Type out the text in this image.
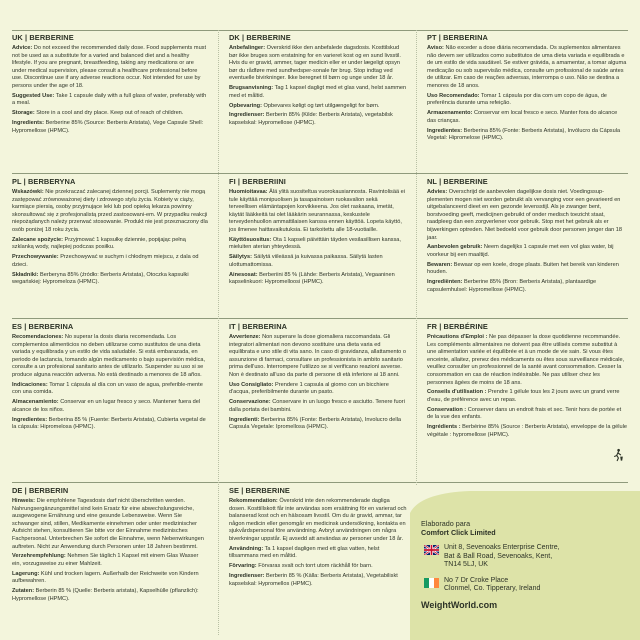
UK | BERBERINE

Advice: Do not exceed the recommended daily dose. Food supplements must not be used as a substitute for a varied and balanced diet and a healthy lifestyle. If you are pregnant, breastfeeding, taking any medications or are under medical supervision, please consult a healthcare professional before use. Discontinue use if any adverse reactions occur. Not intended for use by persons under the age of 18.

Suggested Use: Take 1 capsule daily with a full glass of water, preferably with a meal.

Storage: Store in a cool and dry place. Keep out of reach of children.

Ingredients: Berberine 85% (Source: Berberis Aristata), Vege Capsule Shell: Hypromellose (HPMC).

DK | BERBERINE

Anbefalinger: Overskrid ikke den anbefalede dagsdosis. Kosttilskud bør ikke bruges som erstatning for en varieret kost og en sund livsstil. Hvis du er gravid, ammer, tager medicin eller er under lægeligt opsyn bør du rådføre med sundhedsper-sonale før brug. Stop indtag ved eventuelle bivirkninger. Ikke beregnet til børn og unge under 18 år.

Brugsanvisning: Tag 1 kapsel dagligt med et glas vand, helst sammen med et måltid.

Opbevaring: Opbevares køligt og tørt utilgængeligt for børn.

Ingredienser: Berberin 85% (Kilde: Berberis Aristata), vegetabilsk kapselskal: Hypromellose (HPMC).

PT | BERBERINA

Aviso: Não exceder a dose diária recomendada. Os suplementos alimentares não devem ser utilizados como substitutos de uma dieta variada e equilibrada e de um estilo de vida saudável. Se estiver grávida, a amamentar, a tomar alguma medicação ou sob supervisão médica, consulte um profissional de saúde antes de utilizar. Em caso de reações adversas, interrompa o uso. Não se destina a menores de 18 anos.

Uso Recomendado: Tomar 1 cápsula por dia com um copo de água, de preferência durante uma refeição.

Armazenamento: Conservar em local fresco e seco. Manter fora do alcance das crianças.

Ingredientes: Berberina 85% (Fonte: Berberis Aristata), Invólucro da Cápsula Vegetal: Hipromelose (HPMC).

PL | BERBERYNA

Wskazówki: Nie przekraczać zalecanej dziennej porcji. Suplementy nie mogą zastępować zrównoważonej diety i zdrowego stylu życia. Kobiety w ciąży, karmiące piersią, osoby przyjmujące leki lub pod opieką lekarza powinny skonsultować się z profesjonalistą przed zastosowani-em. W przypadku reakcji niepożądanych należy przerwać stosowanie. Produkt nie jest przeznaczony dla osób poniżej 18 roku życia.

Zalecane spożycie: Przyjmować 1 kapsułkę dziennie, popijając pełną szklanką wody, najlepiej podczas posiłku.

Przechowywanie: Przechowywać w suchym i chłodnym miejscu, z dala od dzieci.

Składniki: Berberyna 85% (źródło: Berberis Aristata), Otoczka kapsułki wegańskiej: Hypromeloza (HPMC).

FI | BERBERIINI

Huomioitavaa: Älä ylitä suositeltua vuorokausiannosta. Ravintolisää ei tule käyttää monipuolisen ja tasapainoisen ruokavalion sekä terveellisen elämäntapojen korvikkeena. Jos olet raskaana, imetät, käytät lääkkeitä tai olet lääkärin seurannassa, keskustele terveydenhuollon ammattilaisen kanssa ennen käyttöä. Lopeta käyttö, jos ilmenee haittavaikutuksia. Ei tarkoitettu alle 18-vuotiaille.

Käyttösuositus: Ota 1 kapseli päivittäin täyden vesilasillisen kanssa, mieluiten aterian yhteydessä.

Säilytys: Säilytä viileässä ja kuivassa paikassa. Säilytä lasten ulottumattomissa.

Ainesosat: Berberiini 85 % (Lähde: Berberis Aristata), Vegaaninen kapselinkuori: Hypromelloosi (HPMC).

NL | BERBERINE

Advies: Overschrijd de aanbevolen dagelijkse dosis niet. Voedingssup-plementen mogen niet worden gebruikt als vervanging voor een gevarieerd en uitgebalanceerd dieet en een gezonde levensstijl. Als je zwanger bent, borstvoeding geeft, medicijnen gebruikt of onder medisch toezicht staat, raadpleeg dan een zorgverlener voor gebruik. Stop met het gebruik als er bijwerkingen optreden. Niet bedoeld voor gebruik door personen jonger dan 18 jaar.

Aanbevolen gebruik: Neem dagelijks 1 capsule met een vol glas water, bij voorkeur bij een maaltijd.

Bewaren: Bewaar op een koele, droge plaats. Buiten het bereik van kinderen houden.

Ingrediënten: Berberine 85% (Bron: Berberis Aristata), plantaardige capsulemhulsel: Hypromellose (HPMC).

ES | BERBERINA

Recomendaciones: No superar la dosis diaria recomendada. Los complementos alimenticios no deben utilizarse como sustitutos de una dieta variada y equilibrada y un estilo de vida saludable. Si está embarazada, en periodo de lactancia, tomando algún medicamento o bajo supervisión médica, consulte a un profesional sanitario antes de utilizarlo. Suspender su uso si se produce alguna reacción adversa. No está destinado a menores de 18 años.

Indicaciones: Tomar 1 cápsula al día con un vaso de agua, preferible-mente con una comida.

Almacenamiento: Conservar en un lugar fresco y seco. Mantener fuera del alcance de los niños.

Ingredientes: Berberina 85 % (Fuente: Berberis Aristata), Cubierta vegetal de la cápsula: Hipromelosa (HPMC).

IT | BERBERINA

Avvertenze: Non superare la dose giornaliera raccomandata. Gli integratori alimentari non devono sostituire una dieta varia ed equilibrata e uno stile di vita sano. In caso di gravidanza, allattamento o assunzione di farmaci, consultare un professionista in ambito sanitario prima dell'uso. Interrompere l'utilizzo se si verificano reazioni avverse. Non è destinato all'uso da parte di persone di età inferiore ai 18 anni.

Uso Consigliato: Prendere 1 capsula al giorno con un bicchiere d'acqua, preferibilmente durante un pasto.

Conservazione: Conservare in un luogo fresco e asciutto. Tenere fuori dalla portata dei bambini.

Ingredienti: Berberina 85% (Fonte: Berberis Aristata), Involucro della Capsula Vegetale: Ipromellosa (HPMC).

FR | BERBÉRINE

Précautions d'Emploi : Ne pas dépasser la dose quotidienne recommandée. Les compléments alimentaires ne doivent pas être utilisés comme substitut à une alimentation variée et équilibrée et à un mode de vie sain. Si vous êtes enceinte, allaitez, prenez des médicaments ou êtes sous surveillance médicale, veuillez consulter un professionnel de la santé avant consommation. Cesser la consommation en cas de réaction indésirable. Ne pas utiliser chez les personnes âgées de moins de 18 ans.

Conseils d'utilisation : Prendre 1 gélule tous les 2 jours avec un grand verre d'eau, de préférence avec un repas.

Conservation : Conserver dans un endroit frais et sec. Tenir hors de portée et de la vue des enfants.

Ingrédients : Berbérine 85% (Source : Berberis Aristata), enveloppe de la gélule végétale : hypromellose (HPMC).

DE | BERBERIN

Hinweis: Die empfohlene Tagesdosis darf nicht überschritten werden. Nahrungsergänzungsmittel sind kein Ersatz für eine abwechslungsreiche, ausgewogene Ernährung und eine gesunde Lebensweise. Wenn Sie schwanger sind, stillen, Medikamente einnehmen oder unter medizinischer Aufsicht stehen, konsultieren Sie bitte vor der Einnahme medizinisches Fachpersonal. Unterbrechen Sie sofort die Einnahme, wenn Nebenwirkungen auftreten. Nicht zur Anwendung durch Personen unter 18 Jahren bestimmt.

Verzehrempfehlung: Nehmen Sie täglich 1 Kapsel mit einem Glas Wasser ein, vorzugsweise zu einer Mahlzeit.

Lagerung: Kühl und trocken lagern. Außerhalb der Reichweite von Kindern aufbewahren.

Zutaten: Berberin 85 % (Quelle: Berberis aristata), Kapselhülle (pflanzlich): Hypromellose (HPMC).

SE | BERBERINE

Rekommendation: Överskrid inte den rekommenderade dagliga dosen. Kosttillskott får inte användas som ersättning för en varierad och balanserad kost och en hälsosam livsstil. Om du är gravid, ammar, tar någon medicin eller genomgår en medicinsk undersökning, kontakta en sjukvårdspersonal före användning. Avbryt användningen om några biverkningar uppstår. Ej avsedd att användas av personer under 18 år.

Användning: Ta 1 kapsel dagligen med ett glas vatten, helst tillsammans med en måltid.

Förvaring: Förvaras svalt och torrt utom räckhåll för barn.

Ingredienser: Berberin 85 % (Källa: Berberis Aristata), Vegetabiliskt kapselskal: Hypromellos (HPMC).

Elaborado para
Comfort Click Limited
Unit 8, Sevenoaks Enterprise Centre,
Bat & Ball Road, Sevenoaks, Kent,
TN14 5LJ, UK
No 7 Dr Croke Place
Clonmel, Co. Tipperary, Ireland
WeightWorld.com
